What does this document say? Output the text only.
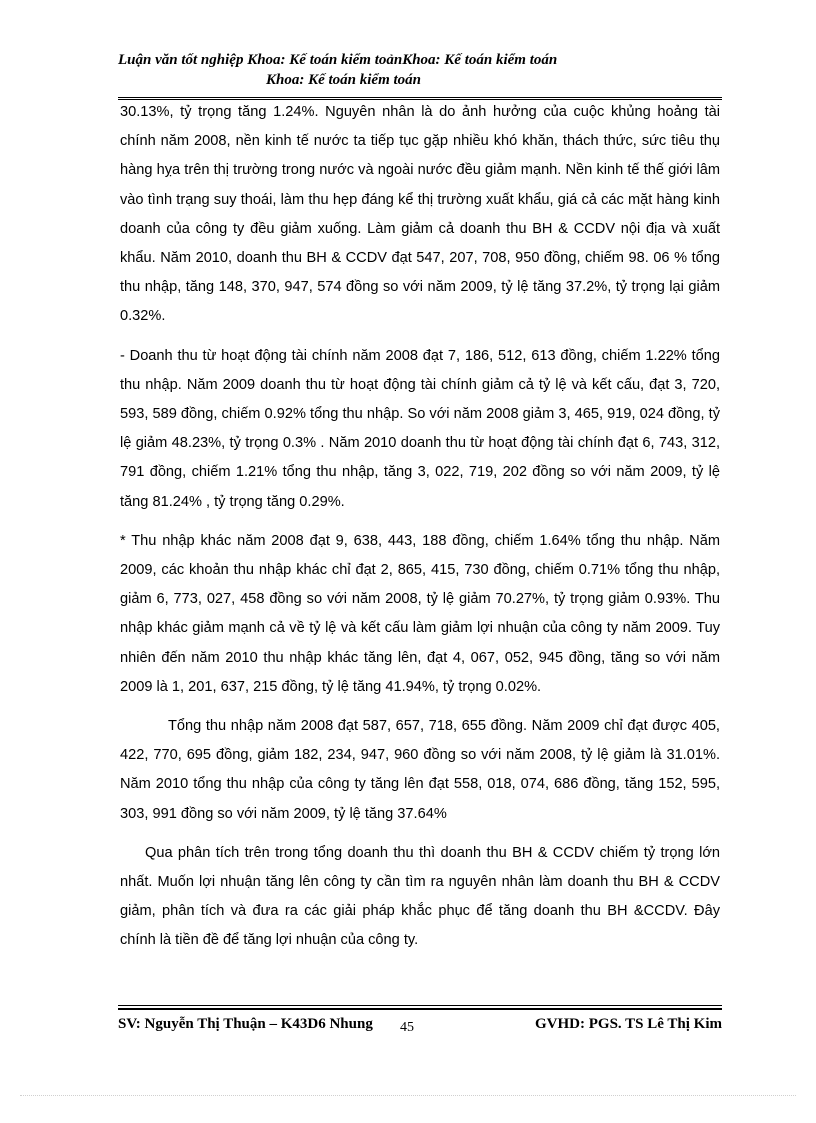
Luận văn tốt nghiệp Khoa: Kế toán kiểm toảnKhoa: Kế toán kiểm toán
Khoa: Kế toán kiểm toán

30.13%, tỷ trọng tăng 1.24%. Nguyên nhân là do ảnh hưởng của cuộc khủng hoảng tài chính năm 2008, nền kinh tế nước ta tiếp tục gặp nhiều khó khăn, thách thức, sức tiêu thụ hàng hỵa trên thị trường trong nước và ngoài nước đều giảm mạnh. Nền kinh tế thế giới lâm vào tình trạng suy thoái, làm thu hẹp đáng kể thị trường xuất khẩu, giá cả các mặt hàng kinh doanh của công ty đều giảm xuống. Làm giảm cả doanh thu BH & CCDV nội địa và xuất khẩu. Năm 2010, doanh thu BH & CCDV đạt 547, 207, 708, 950 đồng, chiếm 98. 06 % tổng thu nhập, tăng 148, 370, 947, 574 đồng so với năm 2009, tỷ lệ tăng 37.2%, tỷ trọng lại giảm 0.32%.

- Doanh thu từ hoạt động tài chính năm 2008 đạt 7, 186, 512, 613 đồng, chiếm 1.22% tổng thu nhập. Năm 2009 doanh thu từ hoạt động tài chính giảm cả tỷ lệ và kết cấu, đạt 3, 720, 593, 589 đồng, chiếm 0.92% tổng thu nhập. So với năm 2008 giảm 3, 465, 919, 024 đồng, tỷ lệ giảm 48.23%, tỷ trọng 0.3% . Năm 2010 doanh thu từ hoạt động tài chính đạt 6, 743, 312, 791 đồng, chiếm 1.21% tổng thu nhập, tăng 3, 022, 719, 202 đồng so với năm 2009, tỷ lệ tăng 81.24% , tỷ trọng tăng 0.29%.

* Thu nhập khác năm 2008 đạt 9, 638, 443, 188 đồng, chiếm 1.64% tổng thu nhập. Năm 2009, các khoản thu nhập khác chỉ đạt 2, 865, 415, 730 đồng, chiếm 0.71% tổng thu nhập, giảm 6, 773, 027, 458 đồng so với năm 2008, tỷ lệ giảm 70.27%, tỷ trọng giảm 0.93%. Thu nhập khác giảm mạnh cả về tỷ lệ và kết cấu làm giảm lợi nhuận của công ty năm 2009. Tuy nhiên đến năm 2010 thu nhập khác tăng lên, đạt 4, 067, 052, 945 đồng, tăng so với năm 2009 là 1, 201, 637, 215 đồng, tỷ lệ tăng 41.94%, tỷ trọng 0.02%.

Tổng thu nhập năm 2008 đạt 587, 657, 718, 655 đồng. Năm 2009 chỉ đạt được 405, 422, 770, 695 đồng, giảm 182, 234, 947, 960 đồng so với năm 2008, tỷ lệ giảm là 31.01%. Năm 2010 tổng thu nhập của công ty tăng lên đạt 558, 018, 074, 686 đồng, tăng 152, 595, 303, 991 đồng so với năm 2009, tỷ lệ tăng 37.64%

Qua phân tích trên trong tổng doanh thu thì doanh thu BH & CCDV chiếm tỷ trọng lớn nhất. Muốn lợi nhuận tăng lên công ty cần tìm ra nguyên nhân làm doanh thu BH & CCDV giảm, phân tích và đưa ra các giải pháp khắc phục để tăng doanh thu BH &CCDV. Đây chính là tiền đề để tăng lợi nhuận của công ty.

SV: Nguyễn Thị Thuận – K43D6 Nhung	45	GVHD: PGS. TS Lê Thị Kim
